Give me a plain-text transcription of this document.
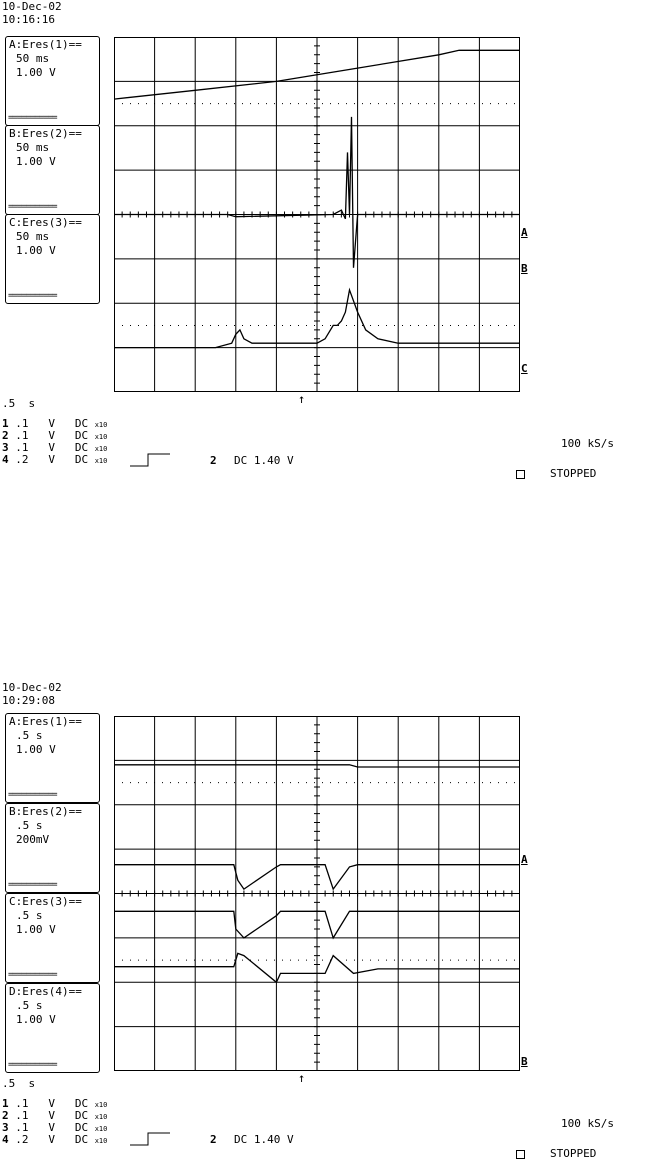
10-Dec-02
10:16:16
A:Eres(1)==
50 ms
1.00 V
===========
B:Eres(2)==
50 ms
1.00 V
===========
C:Eres(3)==
50 ms
1.00 V
===========
A
B
C
↑
.5  s
1 .1   V   DC x10
2 .1   V   DC x10
3 .1   V   DC x10
4 .2   V   DC x10	2 DC 1.40 V
100 kS/s
STOPPED
10-Dec-02
10:29:08
A:Eres(1)==
.5 s
1.00 V
===========
B:Eres(2)==
.5 s
200mV
===========
C:Eres(3)==
.5 s
1.00 V
===========
D:Eres(4)==
.5 s
1.00 V
===========
A
B
↑
.5  s
1 .1   V   DC x10
2 .1   V   DC x10
3 .1   V   DC x10
4 .2   V   DC x10	2 DC 1.40 V
100 kS/s
STOPPED
